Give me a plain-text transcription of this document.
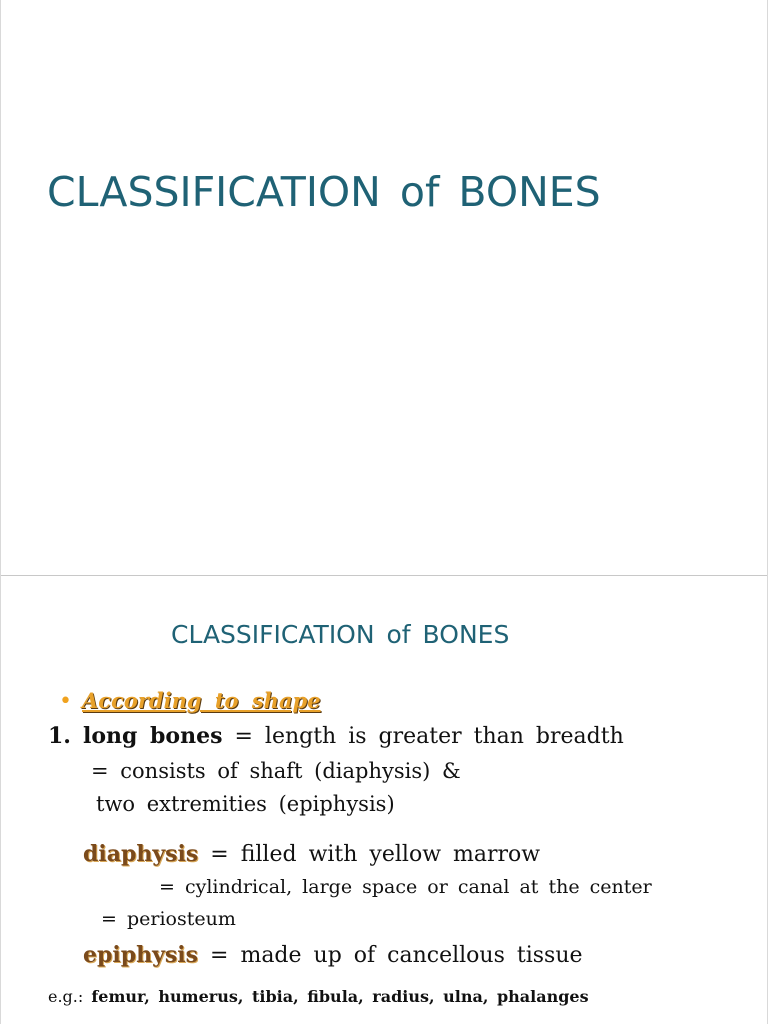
CLASSIFICATION of BONES
CLASSIFICATION of BONES

• According to shape

1. long bones = length is greater than breadth

= consists of shaft (diaphysis) &

two extremities (epiphysis)

diaphysis = filled with yellow marrow

= cylindrical, large space or canal at the center

= periosteum

epiphysis = made up of cancellous tissue

e.g.: femur, humerus, tibia, fibula, radius, ulna, phalanges
